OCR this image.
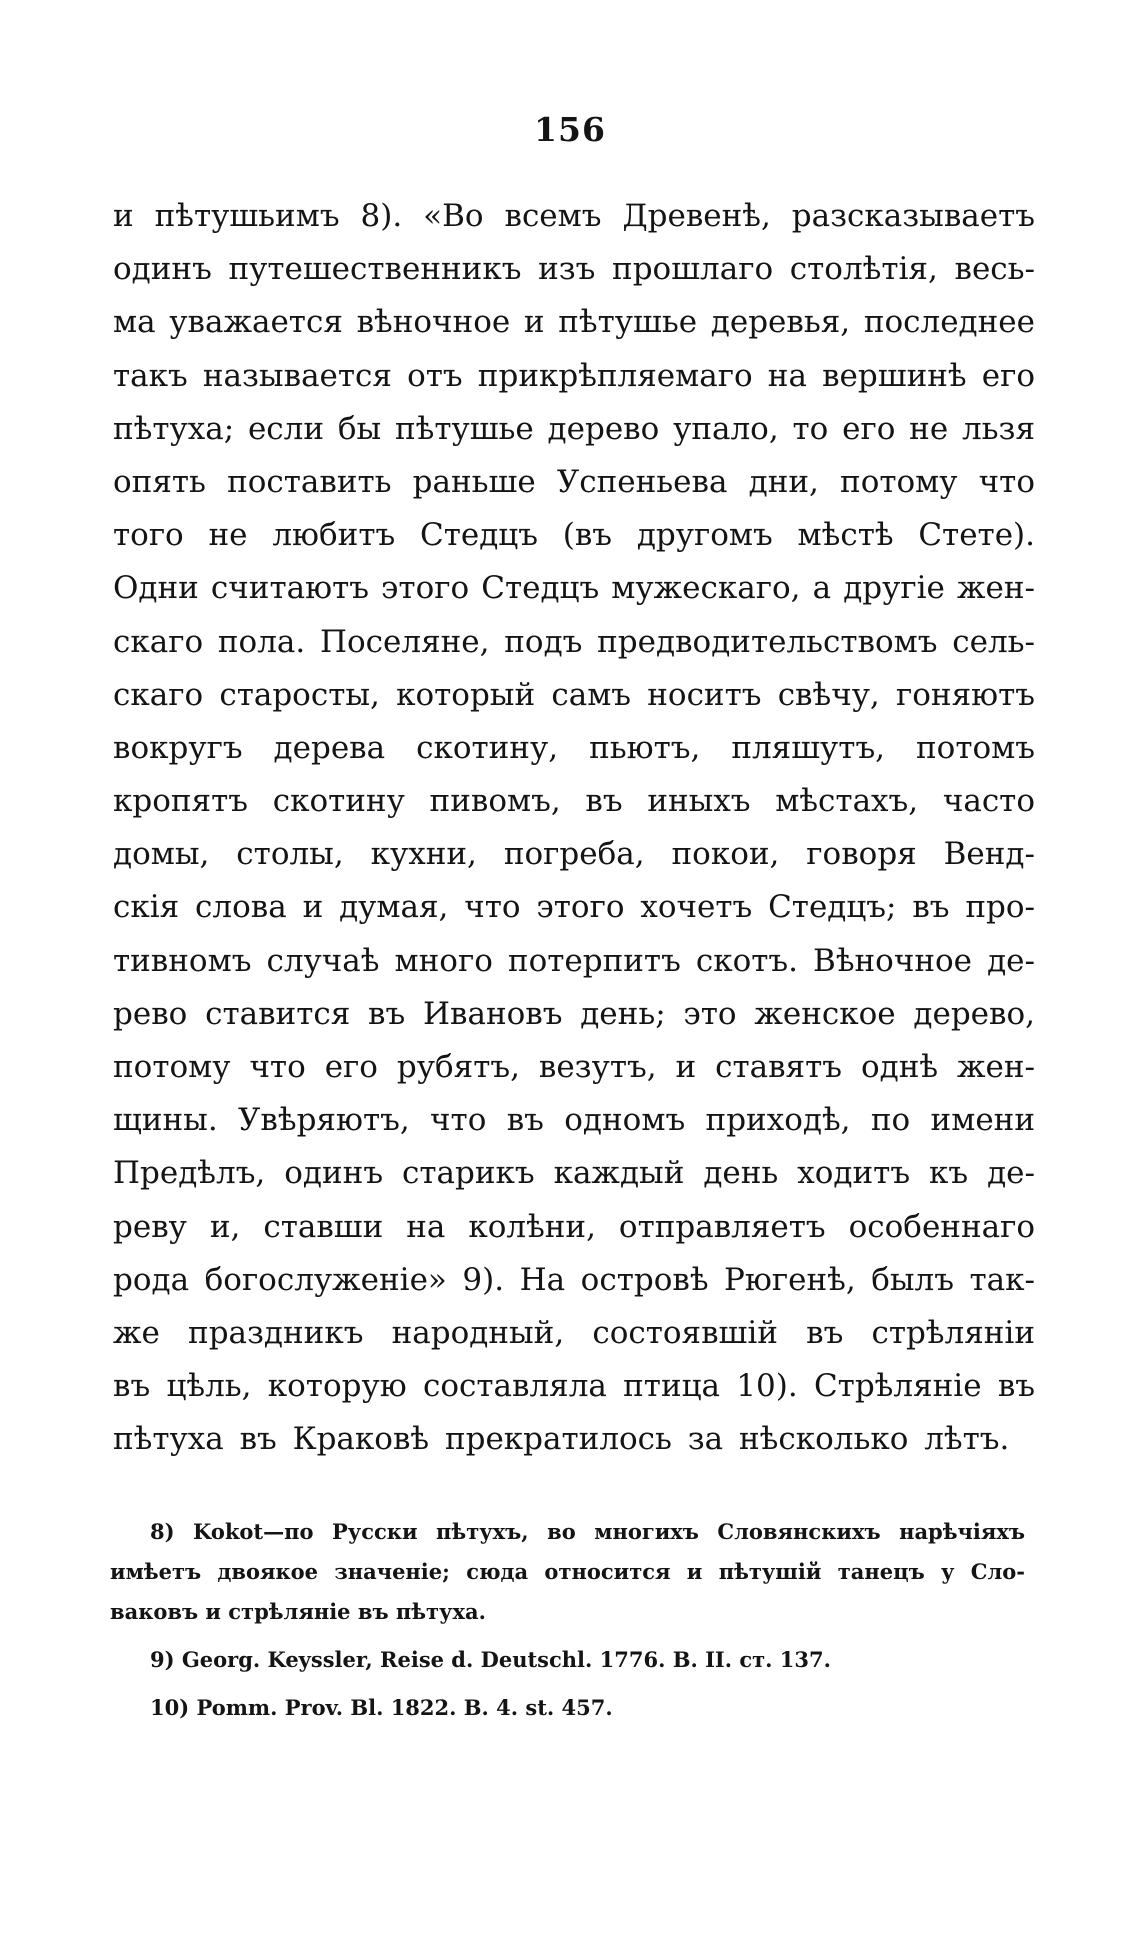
156
и пѣтушьимъ 8). «Во всемъ Древенѣ, разсказываетъ
одинъ путешественникъ изъ прошлаго столѣтія, весь-
ма уважается вѣночное и пѣтушье деревья, последнее
такъ называется отъ прикрѣпляемаго на вершинѣ его
пѣтуха; если бы пѣтушье дерево упало, то его не льзя
опять поставить раньше Успеньева дни, потому что
того не любитъ Стедцъ (въ другомъ мѣстѣ Стете).
Одни считаютъ этого Стедцъ мужескаго, а другіе жен-
скаго пола. Поселяне, подъ предводительствомъ сель-
скаго старосты, который самъ носитъ свѣчу, гоняютъ
вокругъ дерева скотину, пьютъ, пляшутъ, потомъ
кропятъ скотину пивомъ, въ иныхъ мѣстахъ, часто
домы, столы, кухни, погреба, покои, говоря Венд-
скія слова и думая, что этого хочетъ Стедцъ; въ про-
тивномъ случаѣ много потерпитъ скотъ. Вѣночное де-
рево ставится въ Ивановъ день; это женское дерево,
потому что его рубятъ, везутъ, и ставятъ однѣ жен-
щины. Увѣряютъ, что въ одномъ приходѣ, по имени
Предѣлъ, одинъ старикъ каждый день ходитъ къ де-
реву и, ставши на колѣни, отправляетъ особеннаго
рода богослуженіе» 9). На островѣ Рюгенѣ, былъ так-
же праздникъ народный, состоявшій въ стрѣляніи
въ цѣль, которую составляла птица 10). Стрѣляніе въ
пѣтуха въ Краковѣ прекратилось за нѣсколько лѣтъ.
8) Kokot—по Русски пѣтухъ, во многихъ Словянскихъ нарѣчіяхъ
имѣетъ двоякое значеніе; сюда относится и пѣтушій танецъ у Сло-
ваковъ и стрѣляніе въ пѣтуха.
9) Georg. Keyssler, Reise d. Deutschl. 1776. B. II. ст. 137.
10) Pomm. Prov. Bl. 1822. B. 4. st. 457.
